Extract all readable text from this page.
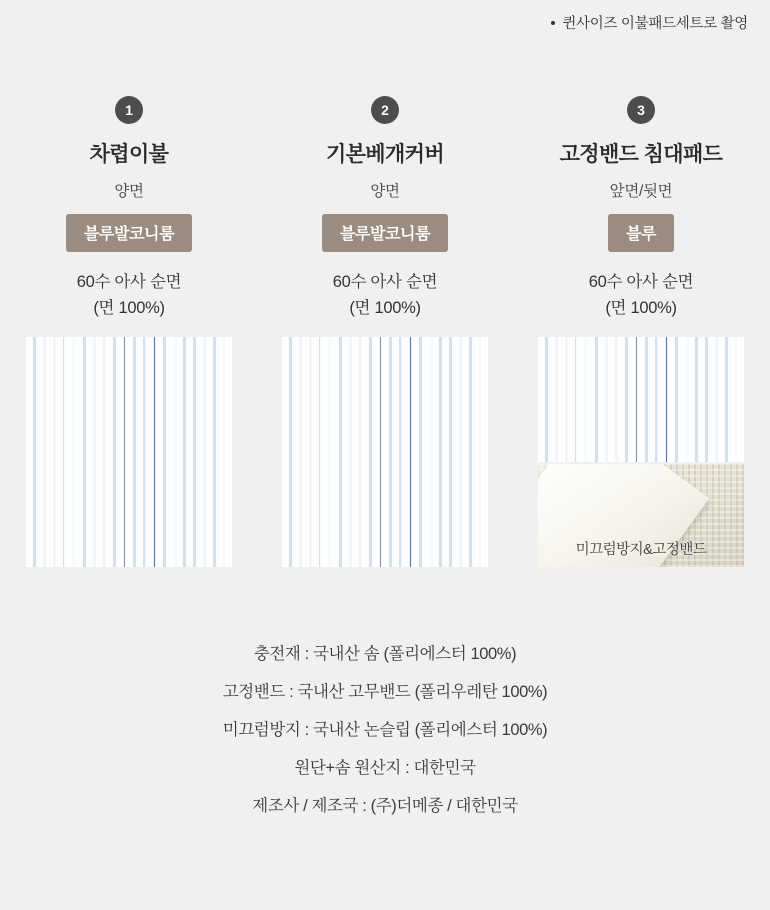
퀸사이즈 이불패드세트로 촬영
1
차렵이불
양면
블루발코니룸
60수 아사 순면
(면 100%)
2
기본베개커버
양면
블루발코니룸
60수 아사 순면
(면 100%)
3
고정밴드 침대패드
앞면/뒷면
블루
60수 아사 순면
(면 100%)
미끄럼방지&고정밴드
충전재 : 국내산 솜 (폴리에스터 100%)
고정밴드 : 국내산 고무밴드 (폴리우레탄 100%)
미끄럼방지 : 국내산 논슬립 (폴리에스터 100%)
원단+솜 원산지 : 대한민국
제조사 / 제조국 : (주)더메종 / 대한민국
